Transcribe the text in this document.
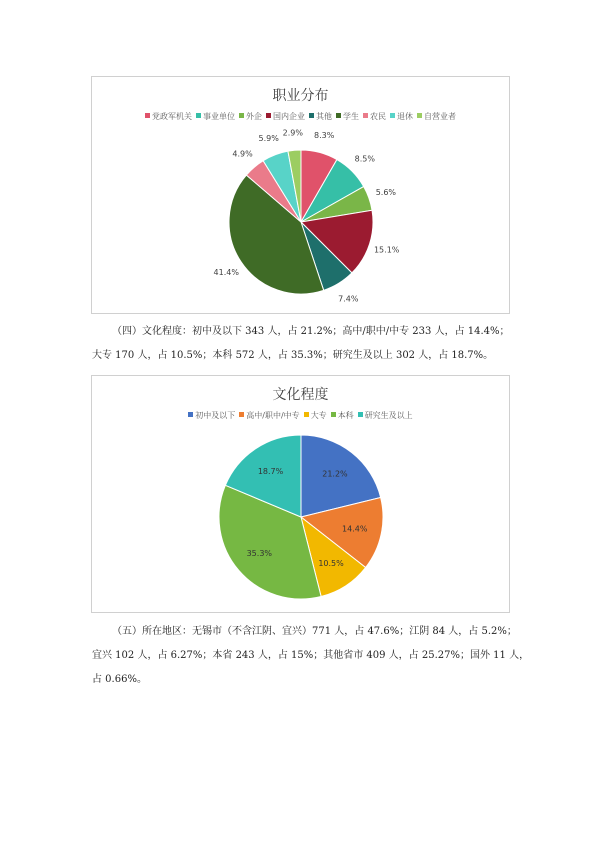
职业分布
党政军机关 事业单位 外企 国内企业 其他 学生 农民 退休 自营业者
8.3%
8.5%
5.6%
15.1%
7.4%
41.4%
4.9%
5.9%
2.9%

（四）文化程度：初中及以下 343 人，占 21.2%；高中/职中/中专 233 人，占 14.4%；

大专 170 人，占 10.5%；本科 572 人，占 35.3%；研究生及以上 302 人，占 18.7%。

文化程度
初中及以下 高中/职中/中专 大专 本科 研究生及以上
21.2%
14.4%
10.5%
35.3%
18.7%

（五）所在地区：无锡市（不含江阴、宜兴）771 人，占 47.6%；江阴 84 人，占 5.2%；

宜兴 102 人，占 6.27%；本省 243 人，占 15%；其他省市 409 人，占 25.27%；国外 11 人，

占 0.66%。
